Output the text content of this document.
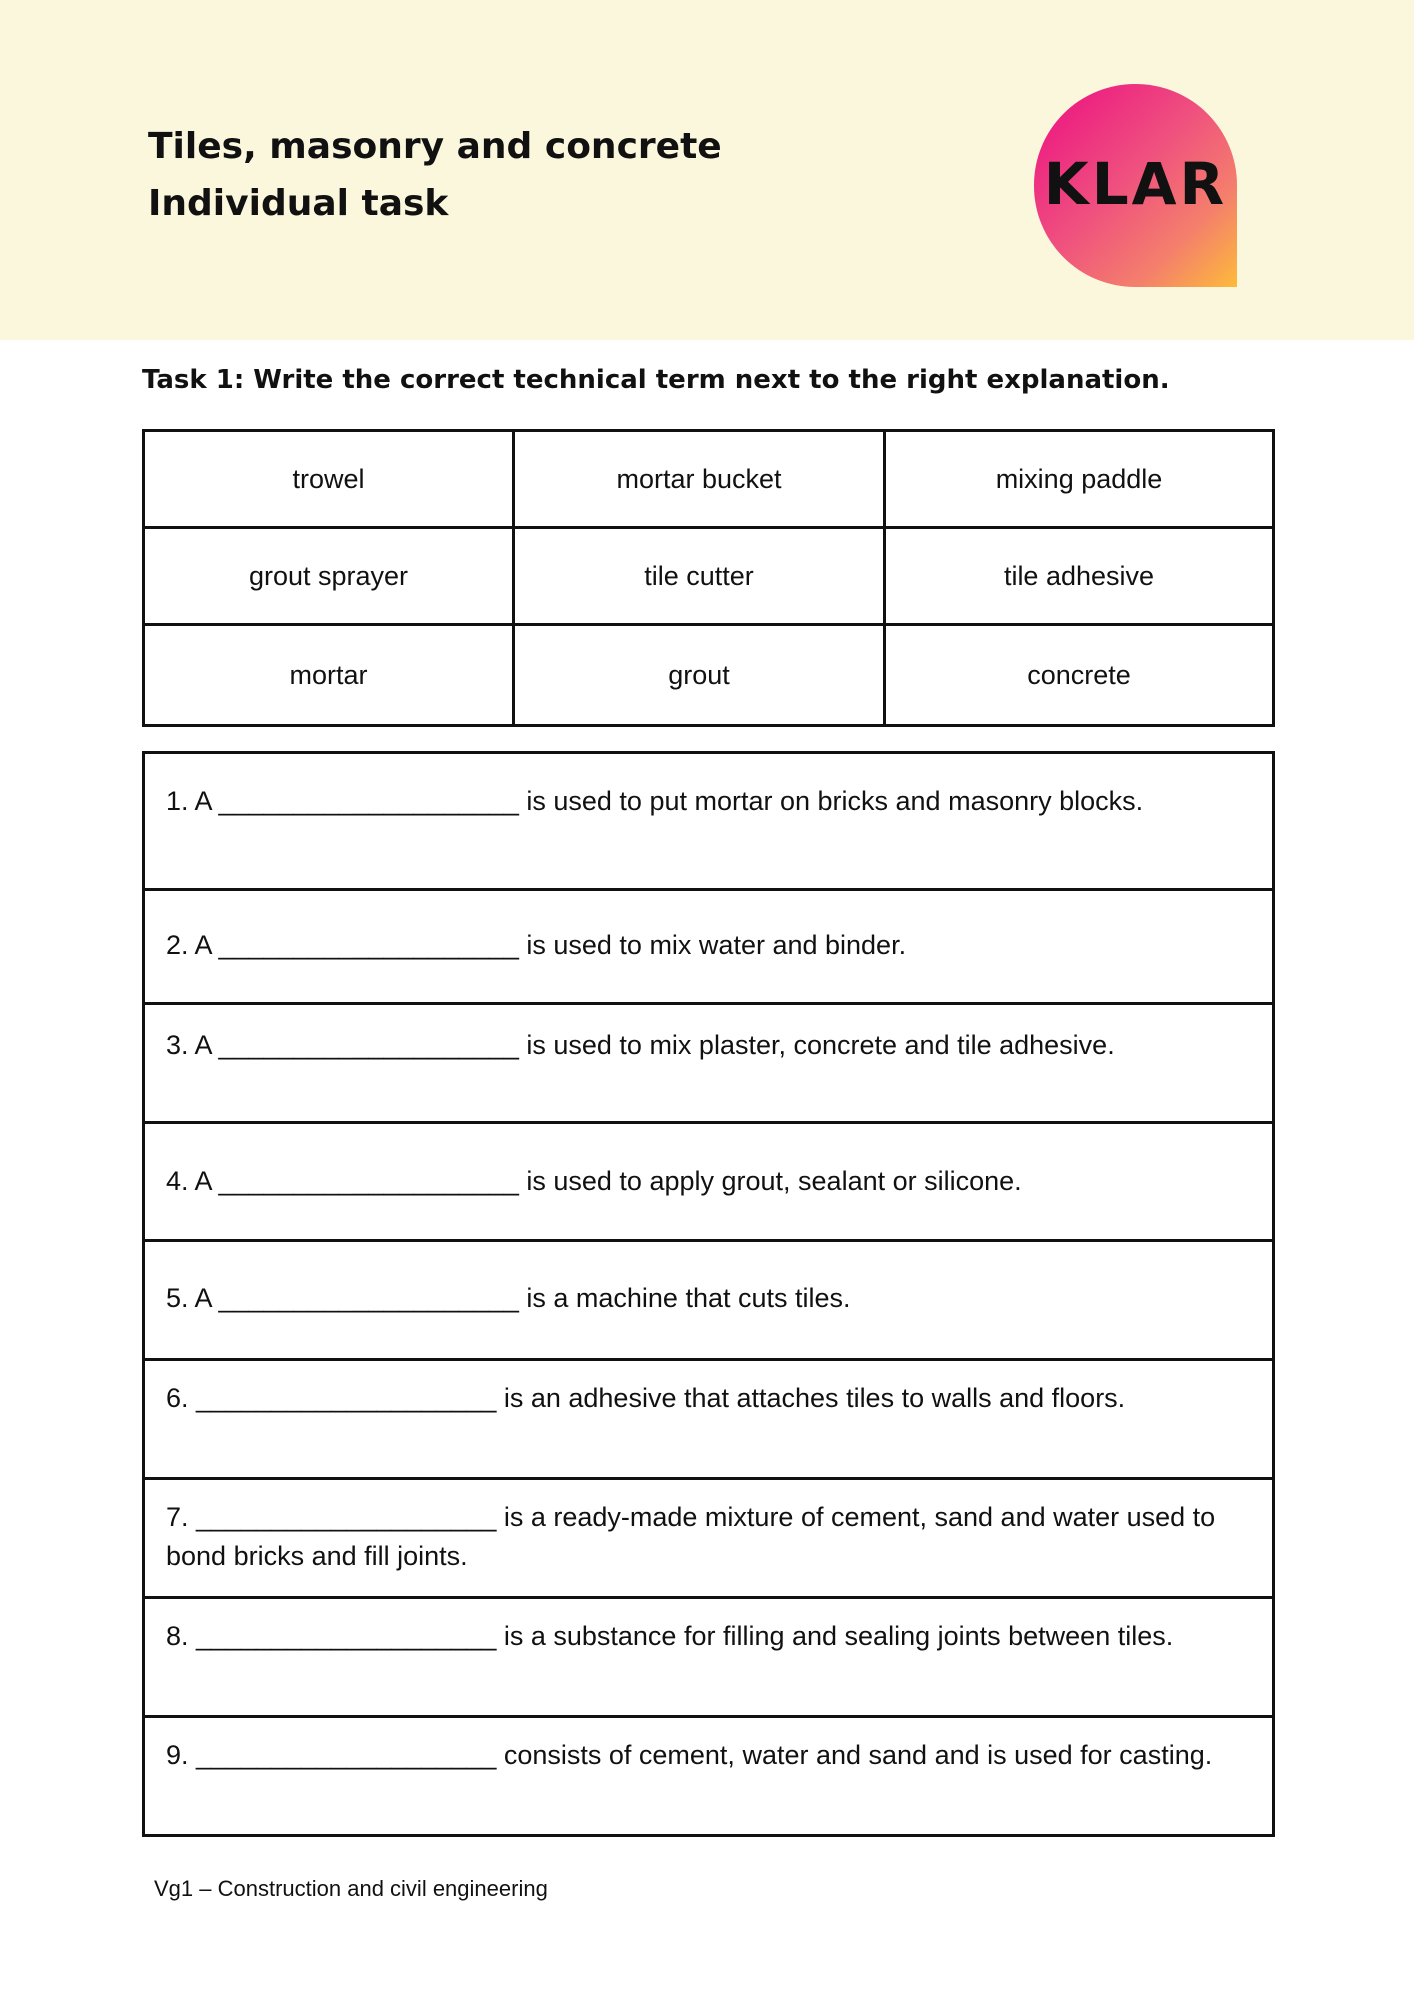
Tiles, masonry and concrete
Individual task	KLAR
Task 1: Write the correct technical term next to the right explanation.
trowel	mortar bucket	mixing paddle
grout sprayer	tile cutter	tile adhesive
mortar	grout	concrete
1. A ____________________ is used to put mortar on bricks and masonry blocks.
2. A ____________________ is used to mix water and binder.
3. A ____________________ is used to mix plaster, concrete and tile adhesive.
4. A ____________________ is used to apply grout, sealant or silicone.
5. A ____________________ is a machine that cuts tiles.
6. ____________________ is an adhesive that attaches tiles to walls and floors.
7. ____________________ is a ready-made mixture of cement, sand and water used to bond bricks and fill joints.
8. ____________________ is a substance for filling and sealing joints between tiles.
9. ____________________ consists of cement, water and sand and is used for casting.
Vg1 – Construction and civil engineering
